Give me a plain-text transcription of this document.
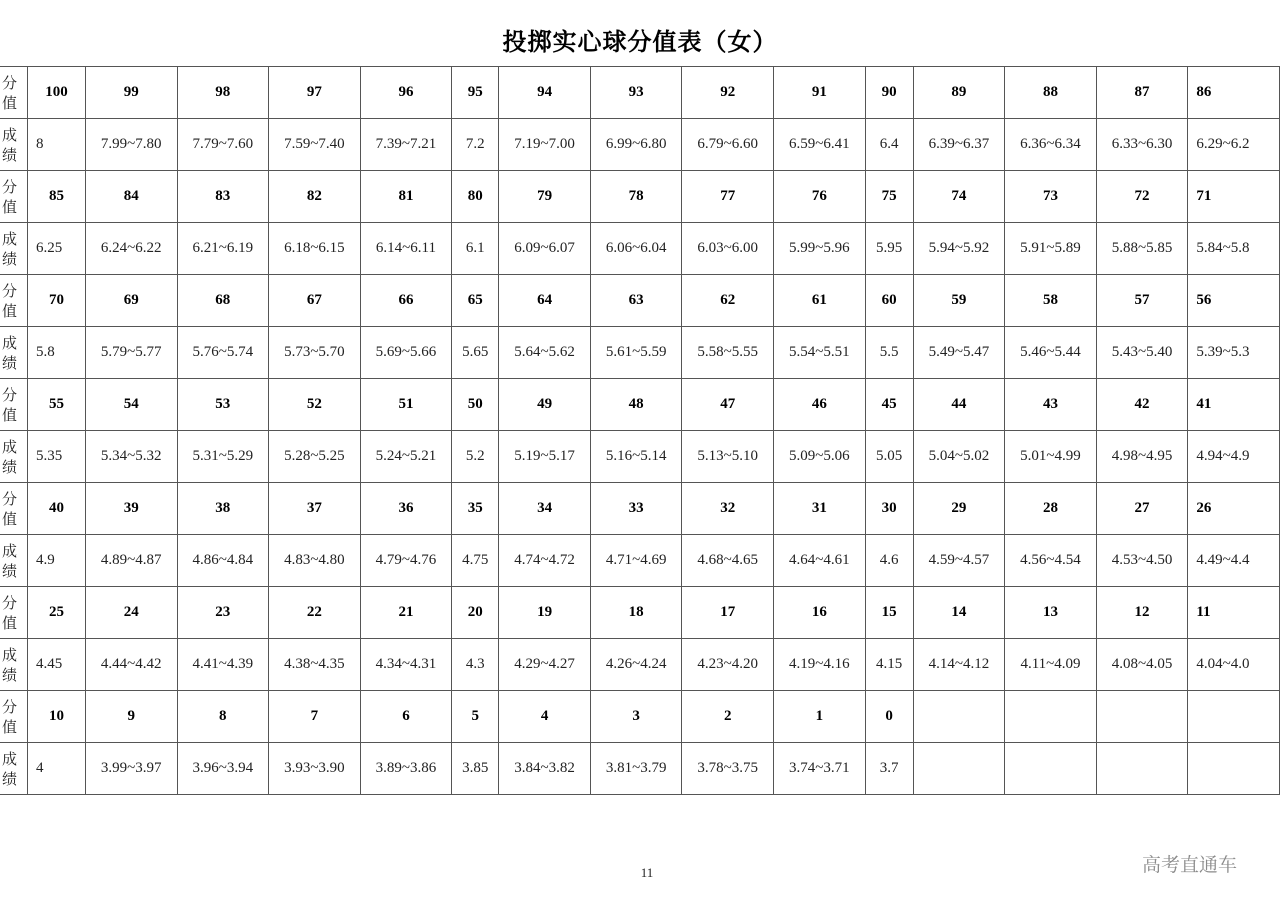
投掷实心球分值表（女）
分值	100	99	98	97	96	95	94	93	92	91	90	89	88	87	86
成绩	8	7.99~7.80	7.79~7.60	7.59~7.40	7.39~7.21	7.2	7.19~7.00	6.99~6.80	6.79~6.60	6.59~6.41	6.4	6.39~6.37	6.36~6.34	6.33~6.30	6.29~6.2
分值	85	84	83	82	81	80	79	78	77	76	75	74	73	72	71
成绩	6.25	6.24~6.22	6.21~6.19	6.18~6.15	6.14~6.11	6.1	6.09~6.07	6.06~6.04	6.03~6.00	5.99~5.96	5.95	5.94~5.92	5.91~5.89	5.88~5.85	5.84~5.8
分值	70	69	68	67	66	65	64	63	62	61	60	59	58	57	56
成绩	5.8	5.79~5.77	5.76~5.74	5.73~5.70	5.69~5.66	5.65	5.64~5.62	5.61~5.59	5.58~5.55	5.54~5.51	5.5	5.49~5.47	5.46~5.44	5.43~5.40	5.39~5.3
分值	55	54	53	52	51	50	49	48	47	46	45	44	43	42	41
成绩	5.35	5.34~5.32	5.31~5.29	5.28~5.25	5.24~5.21	5.2	5.19~5.17	5.16~5.14	5.13~5.10	5.09~5.06	5.05	5.04~5.02	5.01~4.99	4.98~4.95	4.94~4.9
分值	40	39	38	37	36	35	34	33	32	31	30	29	28	27	26
成绩	4.9	4.89~4.87	4.86~4.84	4.83~4.80	4.79~4.76	4.75	4.74~4.72	4.71~4.69	4.68~4.65	4.64~4.61	4.6	4.59~4.57	4.56~4.54	4.53~4.50	4.49~4.4
分值	25	24	23	22	21	20	19	18	17	16	15	14	13	12	11
成绩	4.45	4.44~4.42	4.41~4.39	4.38~4.35	4.34~4.31	4.3	4.29~4.27	4.26~4.24	4.23~4.20	4.19~4.16	4.15	4.14~4.12	4.11~4.09	4.08~4.05	4.04~4.0
分值	10	9	8	7	6	5	4	3	2	1	0				
成绩	4	3.99~3.97	3.96~3.94	3.93~3.90	3.89~3.86	3.85	3.84~3.82	3.81~3.79	3.78~3.75	3.74~3.71	3.7				
11	高考直通车
